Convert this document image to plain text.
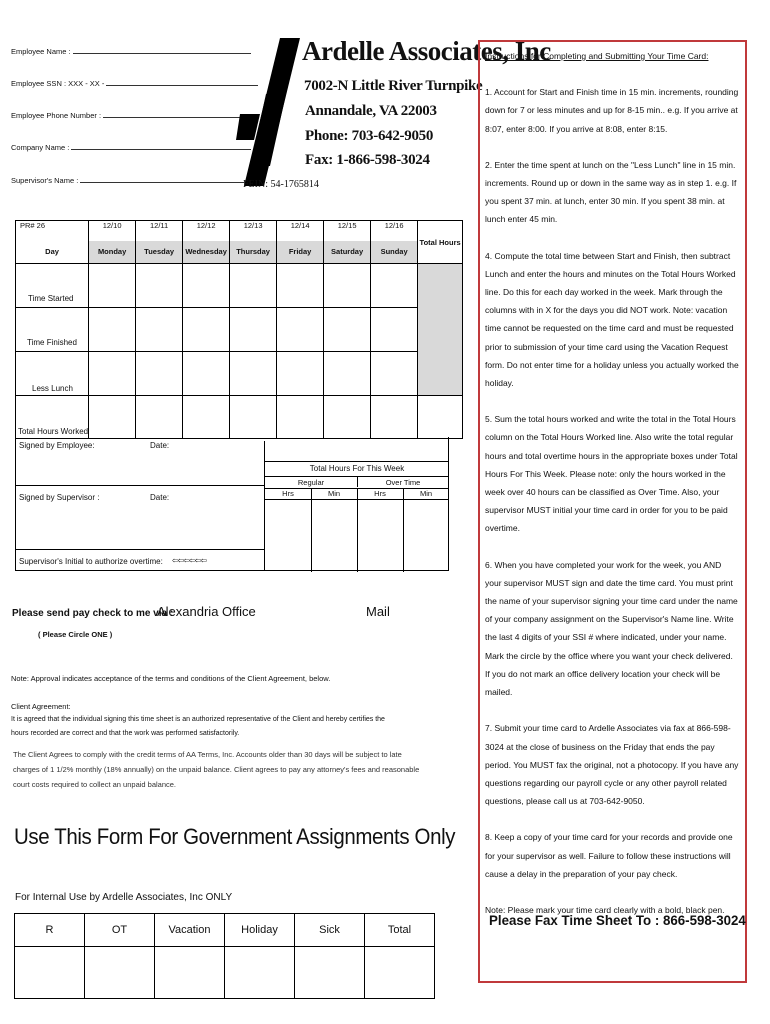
Employee Name :
Employee SSN : XXX - XX -
Employee Phone Number :
Company Name :
Supervisor's Name :
Ardelle Associates, Inc
7002-N Little River Turnpike
Annandale, VA 22003
Phone: 703-642-9050
Fax: 1-866-598-3024
FEIN: 54-1765814
PR# 26	12/10	12/11	12/12	12/13	12/14	12/15	12/16	Total Hours
Day	Monday	Tuesday	Wednesday	Thursday	Friday	Saturday	Sunday	
Time Started								
Time Finished								
Less Lunch								
Total Hours Worked								
Signed by Employee:	Date:
Signed by Supervisor :	Date:
Supervisor's Initial to authorize overtime: ⇦⇦⇦⇦⇦⇦
Total Hours For This Week
Regular	Over Time
Hrs	Min	Hrs	Min
Please send pay check to me via :
Alexandria Office	Mail
( Please Circle ONE )
Note: Approval indicates acceptance of the terms and conditions of the Client Agreement, below.
Client Agreement:
It is agreed that the individual signing this time sheet is an authorized representative of the Client and hereby certifies the
hours recorded are correct and that the work was performed satisfactorily.
The Client Agrees to comply with the credit terms of AA Terms, Inc. Accounts older than 30 days will be subject to late
charges of 1 1/2% monthly (18% annually) on the unpaid balance. Client agrees to pay any attorney's fees and reasonable
court costs required to collect an unpaid balance.
Use This Form For Government Assignments Only
For Internal Use by Ardelle Associates, Inc ONLY
R	OT	Vacation	Holiday	Sick	Total

Instructions for Completing and Submitting Your Time Card:

1. Account for Start and Finish time in 15 min. increments, rounding down for 7 or less minutes and up for 8-15 min.. e.g. If you arrive at 8:07, enter 8:00. If you arrive at 8:08, enter 8:15.

2. Enter the time spent at lunch on the "Less Lunch" line in 15 min. increments. Round up or down in the same way as in step 1. e.g. If you spent 37 min. at lunch, enter 30 min. If you spent 38 min. at lunch enter 45 min.

4. Compute the total time between Start and Finish, then subtract Lunch and enter the hours and minutes on the Total Hours Worked line. Do this for each day worked in the week. Mark through the columns with in X for the days you did NOT work. Note: vacation time cannot be requested on the time card and must be requested prior to submission of your time card using the Vacation Request form. Do not enter time for a holiday unless you actually worked the holiday.

5. Sum the total hours worked and write the total in the Total Hours column on the Total Hours Worked line. Also write the total regular hours and total overtime hours in the appropriate boxes under Total Hours For This Week. Please note: only the hours worked in the week over 40 hours can be classified as Over Time. Also, your supervisor MUST initial your time card in order for you to be paid overtime.

6. When you have completed your work for the week, you AND your supervisor MUST sign and date the time card. You must print the name of your supervisor signing your time card under the name of your company assignment on the Supervisor's Name line. Write the last 4 digits of your SSI # where indicated, under your name. Mark the circle by the office where you want your check delivered. If you do not mark an office delivery location your check will be mailed.

7. Submit your time card to Ardelle Associates via fax at 866-598-3024 at the close of business on the Friday that ends the pay period. You MUST fax the original, not a photocopy. If you have any questions regarding our payroll cycle or any other payroll related questions, please call us at 703-642-9050.

8. Keep a copy of your time card for your records and provide one for your supervisor as well. Failure to follow these instructions will cause a delay in the preparation of your pay check.

Note: Please mark your time card clearly with a bold, black pen.

Please Fax Time Sheet To : 866-598-3024
